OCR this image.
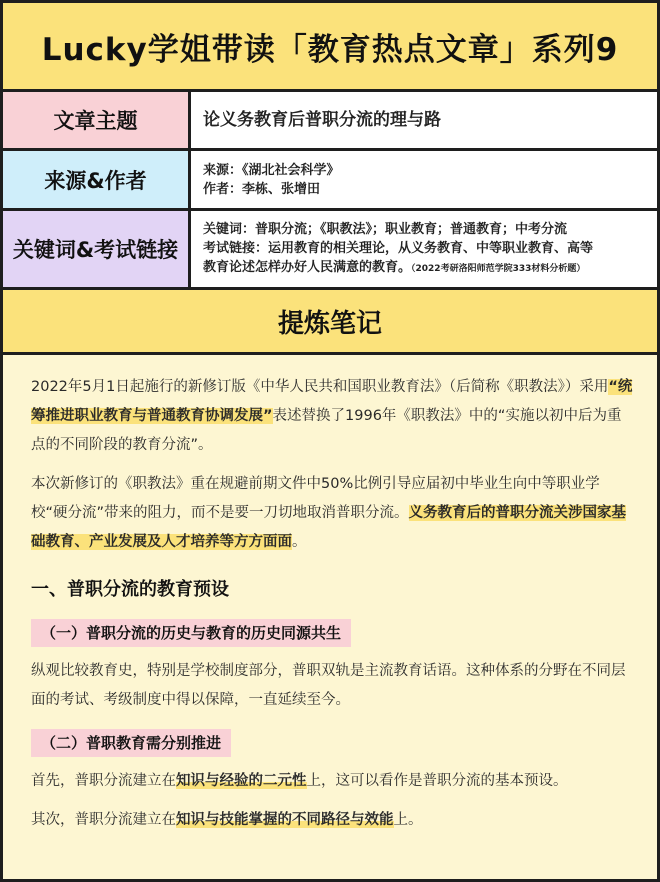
Lucky学姐带读「教育热点文章」系列9
文章主题	论义务教育后普职分流的理与路
来源&作者	来源：《湖北社会科学》
作者：李栋、张增田
关键词&考试链接
关键词：普职分流；《职教法》；职业教育；普通教育；中考分流
考试链接：运用教育的相关理论，从义务教育、中等职业教育、高等
教育论述怎样办好人民满意的教育。（2022考研洛阳师范学院333材料分析题）
提炼笔记

2022年5月1日起施行的新修订版《中华人民共和国职业教育法》（后简称《职教法》）采用“统筹推进职业教育与普通教育协调发展”表述替换了1996年《职教法》中的“实施以初中后为重点的不同阶段的教育分流”。

本次新修订的《职教法》重在规避前期文件中50%比例引导应届初中毕业生向中等职业学校“硬分流”带来的阻力，而不是要一刀切地取消普职分流。义务教育后的普职分流关涉国家基础教育、产业发展及人才培养等方方面面。

一、普职分流的教育预设
（一）普职分流的历史与教育的历史同源共生

纵观比较教育史，特别是学校制度部分，普职双轨是主流教育话语。这种体系的分野在不同层面的考试、考级制度中得以保障，一直延续至今。

（二）普职教育需分别推进

首先，普职分流建立在知识与经验的二元性上，这可以看作是普职分流的基本预设。

其次，普职分流建立在知识与技能掌握的不同路径与效能上。
